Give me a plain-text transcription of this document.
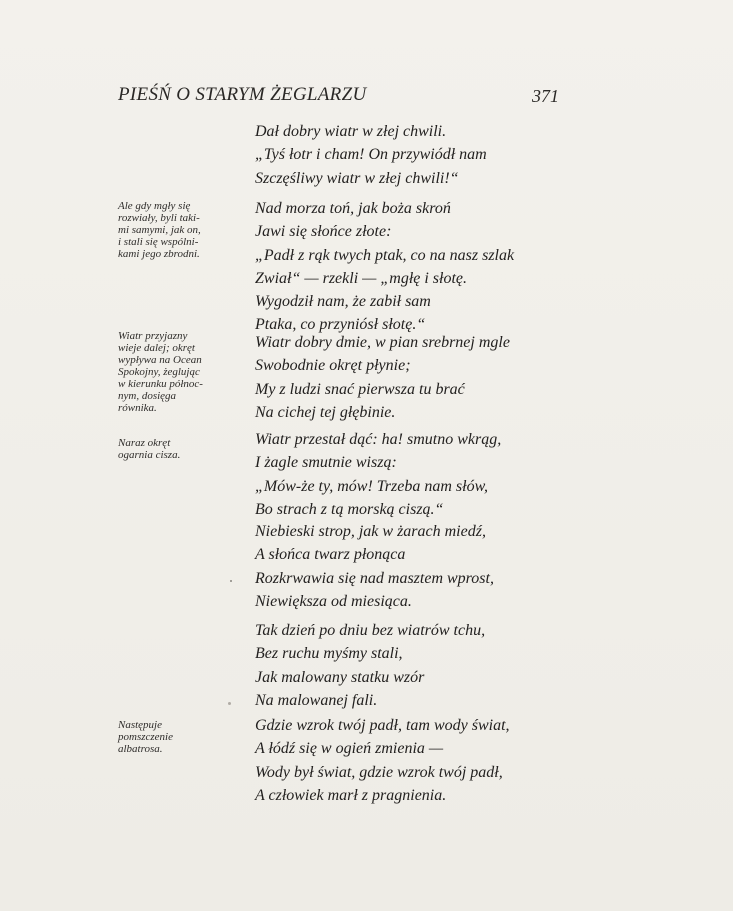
PIEŚŃ O STARYM ŻEGLARZU	371
Ale gdy mgły się
rozwiały, byli taki-
mi samymi, jak on,
i stali się wspólni-
kami jego zbrodni.
Wiatr przyjazny
wieje dalej; okręt
wypływa na Ocean
Spokojny, żeglując
w kierunku północ-
nym, dosięga
równika.
Naraz okręt
ogarnia cisza.
Następuje
pomszczenie
albatrosa.
Dał dobry wiatr w złej chwili.
„Tyś łotr i cham! On przywiódł nam
Szczęśliwy wiatr w złej chwili!“
Nad morza toń, jak boża skroń
Jawi się słońce złote:
„Padł z rąk twych ptak, co na nasz szlak
Zwiał“ — rzekli — „mgłę i słotę.
Wygodził nam, że zabił sam
Ptaka, co przyniósł słotę.“
Wiatr dobry dmie, w pian srebrnej mgle
Swobodnie okręt płynie;
My z ludzi snać pierwsza tu brać
Na cichej tej głębinie.
Wiatr przestał dąć: ha! smutno wkrąg,
I żagle smutnie wiszą:
„Mów-że ty, mów! Trzeba nam słów,
Bo strach z tą morską ciszą.“
Niebieski strop, jak w żarach miedź,
A słońca twarz płonąca
Rozkrwawia się nad masztem wprost,
Niewiększa od miesiąca.
Tak dzień po dniu bez wiatrów tchu,
Bez ruchu myśmy stali,
Jak malowany statku wzór
Na malowanej fali.
Gdzie wzrok twój padł, tam wody świat,
A łódź się w ogień zmienia —
Wody był świat, gdzie wzrok twój padł,
A człowiek marł z pragnienia.
